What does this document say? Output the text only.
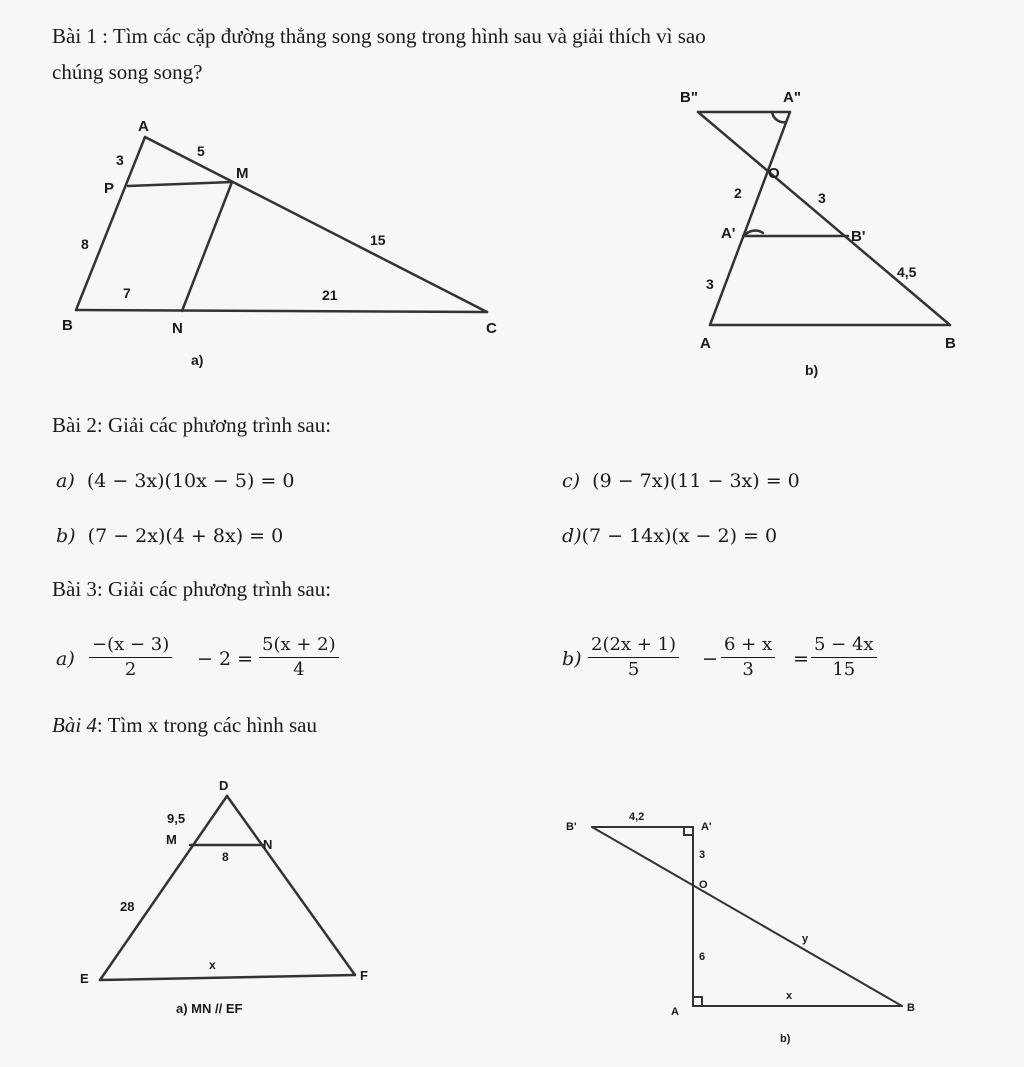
Bài 1 : Tìm các cặp đường thẳng song song trong hình sau và giải thích vì sao
chúng song song?
A
P
M
B	N	C
3
5
8	15
7	21
a)
B"	A"
O
A'	B'
A	B
2	3
3
4,5
b)
D
M	N
E	F
9,5
8
28
x
a) MN // EF
B'	A'
O
A	B
4,2
3
6
y
x
b)
Bài 2: Giải các phương trình sau:
a) (4 − 3x)(10x − 5) = 0	c) (9 − 7x)(11 − 3x) = 0
b) (7 − 2x)(4 + 8x) = 0	d)(7 − 14x)(x − 2) = 0
Bài 3: Giải các phương trình sau:
$a) \frac{-(x - 3)}{2} - 2 = \frac{5(x + 2)}{4}$	$b) \frac{2(2x + 1)}{5} - \frac{6 + x}{3} = \frac{5 - 4x}{15}$
Bài 4: Tìm x trong các hình sau
